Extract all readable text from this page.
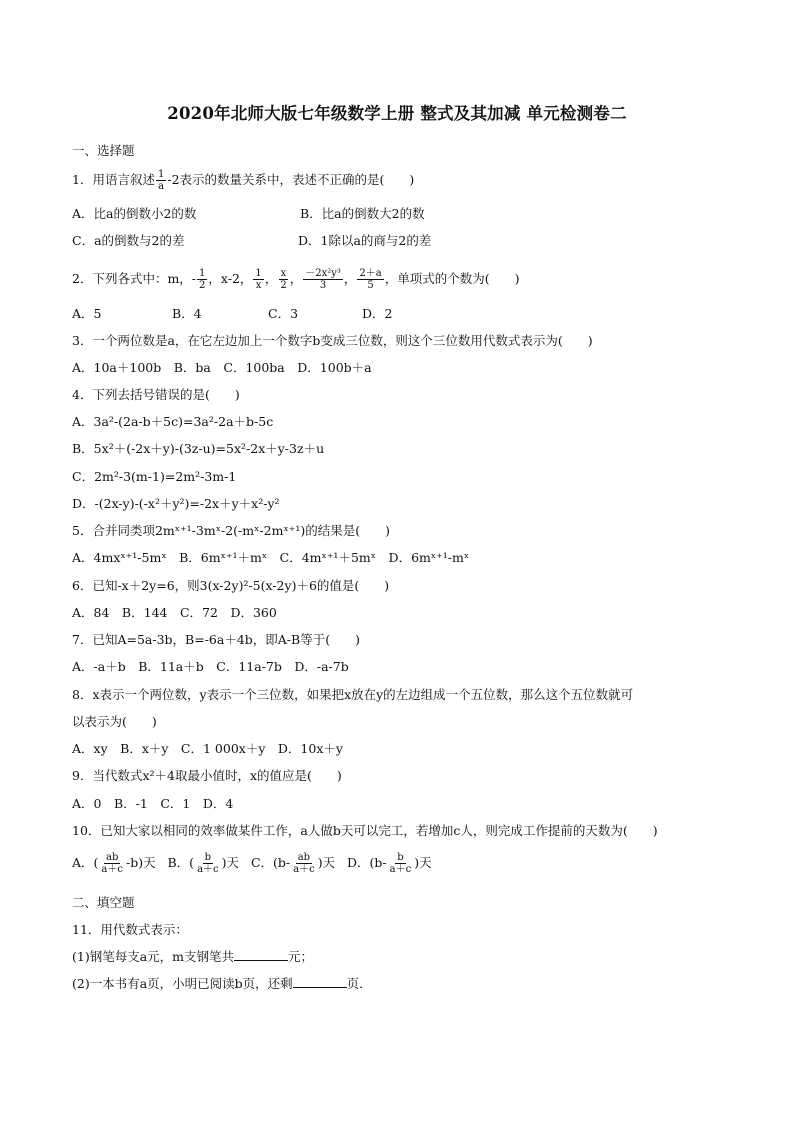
2020年北师大版七年级数学上册 整式及其加减 单元检测卷二
一、选择题
1．用语言叙述 $\frac{1}{a} -2$表示的数量关系中，表述不正确的是(　　)
A．比a的倒数小2的数	B．比a的倒数大2的数
C．a的倒数与2的差	D．1除以a的商与2的差
2．下列各式中：m，- $\frac{1}{2}$ ，x-2， $\frac{1}{x}$ ， $\frac{x}{2}$ ， $\frac{\text{－2x²y³}}{3}$ ， $\frac{2+a}{5}$ ，单项式的个数为(　　)
A．5	B．4	C．3	D．2
3．一个两位数是a，在它左边加上一个数字b变成三位数，则这个三位数用代数式表示为(　　)
A．10a＋100b　B．ba　C．100ba　D．100b＋a
4．下列去括号错误的是(　　)
A．3a²-(2a-b＋5c)=3a²-2a＋b-5c
B．5x²＋(-2x＋y)-(3z-u)=5x²-2x＋y-3z＋u
C．2m²-3(m-1)=2m²-3m-1
D．-(2x-y)-(-x²＋y²)=-2x＋y＋x²-y²
5．合并同类项2mˣ⁺¹-3mˣ-2(-mˣ-2mˣ⁺¹)的结果是(　　)
A．4mxˣ⁺¹-5mˣ　B．6mˣ⁺¹＋mˣ　C．4mˣ⁺¹＋5mˣ　D．6mˣ⁺¹-mˣ
6．已知-x＋2y=6，则3(x-2y)²-5(x-2y)＋6的值是(　　)
A．84　B．144　C．72　D．360
7．已知A=5a-3b，B=-6a＋4b，即A-B等于(　　)
A．-a＋b　B．11a＋b　C．11a-7b　D．-a-7b
8．x表示一个两位数，y表示一个三位数，如果把x放在y的左边组成一个五位数，那么这个五位数就可
以表示为(　　)
A．xy　B．x＋y　C．1 000x＋y　D．10x＋y
9．当代数式x²＋4取最小值时，x的值应是(　　)
A．0　B．-1　C．1　D．4
10．已知大家以相同的效率做某件工作，a人做b天可以完工，若增加c人，则完成工作提前的天数为(　　)
A．( $\frac{ab}{a+c} -b$)天 B．( $\frac{b}{a+c}$ )天 C．($b- \frac{ab}{a+c}$ )天 D．($b- \frac{b}{a+c}$ )天
二、填空题
11．用代数式表示：
(1)钢笔每支a元，m支钢笔共	元；
(2)一本书有a页，小明已阅读b页，还剩	页．
